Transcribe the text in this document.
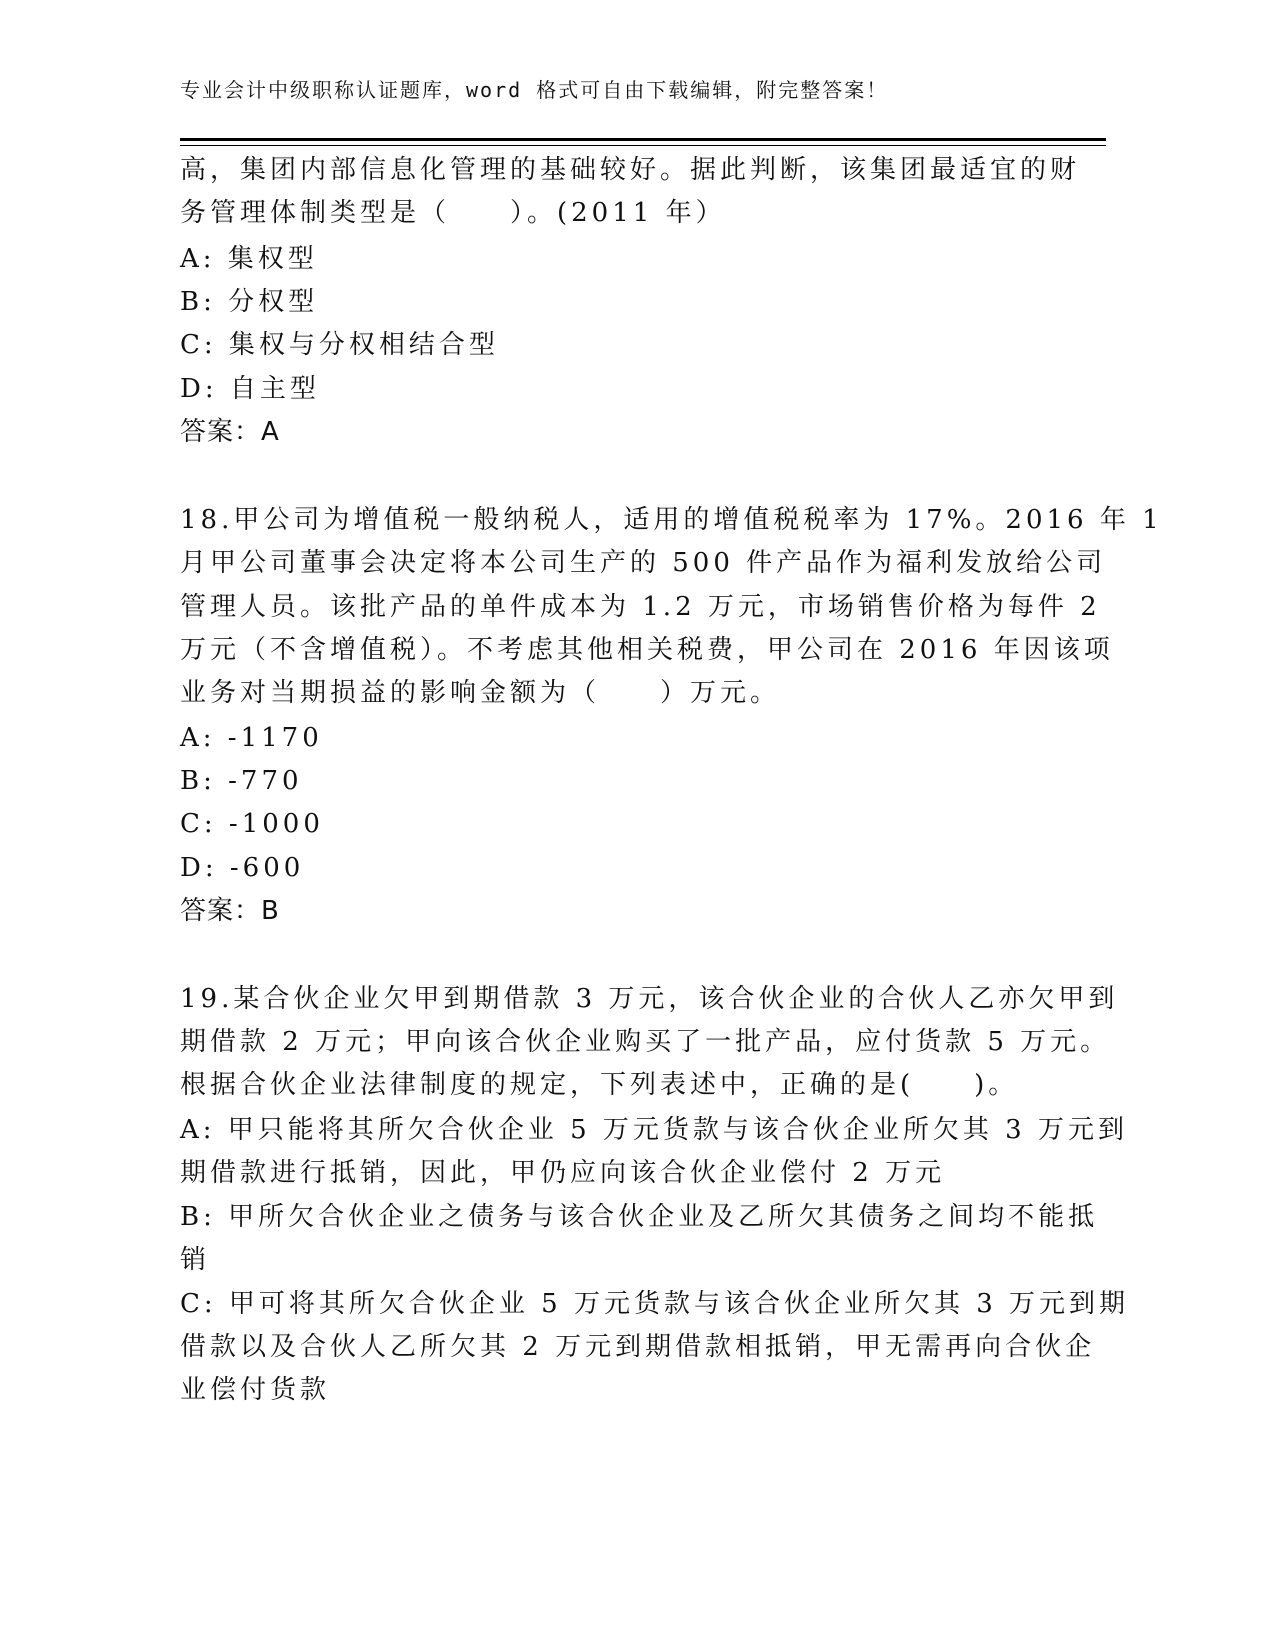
专业会计中级职称认证题库，word 格式可自由下载编辑，附完整答案！
高，集团内部信息化管理的基础较好。据此判断，该集团最适宜的财
务管理体制类型是（　　）。(2011 年）
A: 集权型
B: 分权型
C: 集权与分权相结合型
D: 自主型
答案：A
18.甲公司为增值税一般纳税人，适用的增值税税率为 17%。2016 年 1
月甲公司董事会决定将本公司生产的 500 件产品作为福利发放给公司
管理人员。该批产品的单件成本为 1.2 万元，市场销售价格为每件 2
万元（不含增值税）。不考虑其他相关税费，甲公司在 2016 年因该项
业务对当期损益的影响金额为（　　）万元。
A: -1170
B: -770
C: -1000
D: -600
答案：B
19.某合伙企业欠甲到期借款 3 万元，该合伙企业的合伙人乙亦欠甲到
期借款 2 万元；甲向该合伙企业购买了一批产品，应付货款 5 万元。
根据合伙企业法律制度的规定，下列表述中，正确的是(　　)。
A: 甲只能将其所欠合伙企业 5 万元货款与该合伙企业所欠其 3 万元到
期借款进行抵销，因此，甲仍应向该合伙企业偿付 2 万元
B: 甲所欠合伙企业之债务与该合伙企业及乙所欠其债务之间均不能抵
销
C: 甲可将其所欠合伙企业 5 万元货款与该合伙企业所欠其 3 万元到期
借款以及合伙人乙所欠其 2 万元到期借款相抵销，甲无需再向合伙企
业偿付货款
